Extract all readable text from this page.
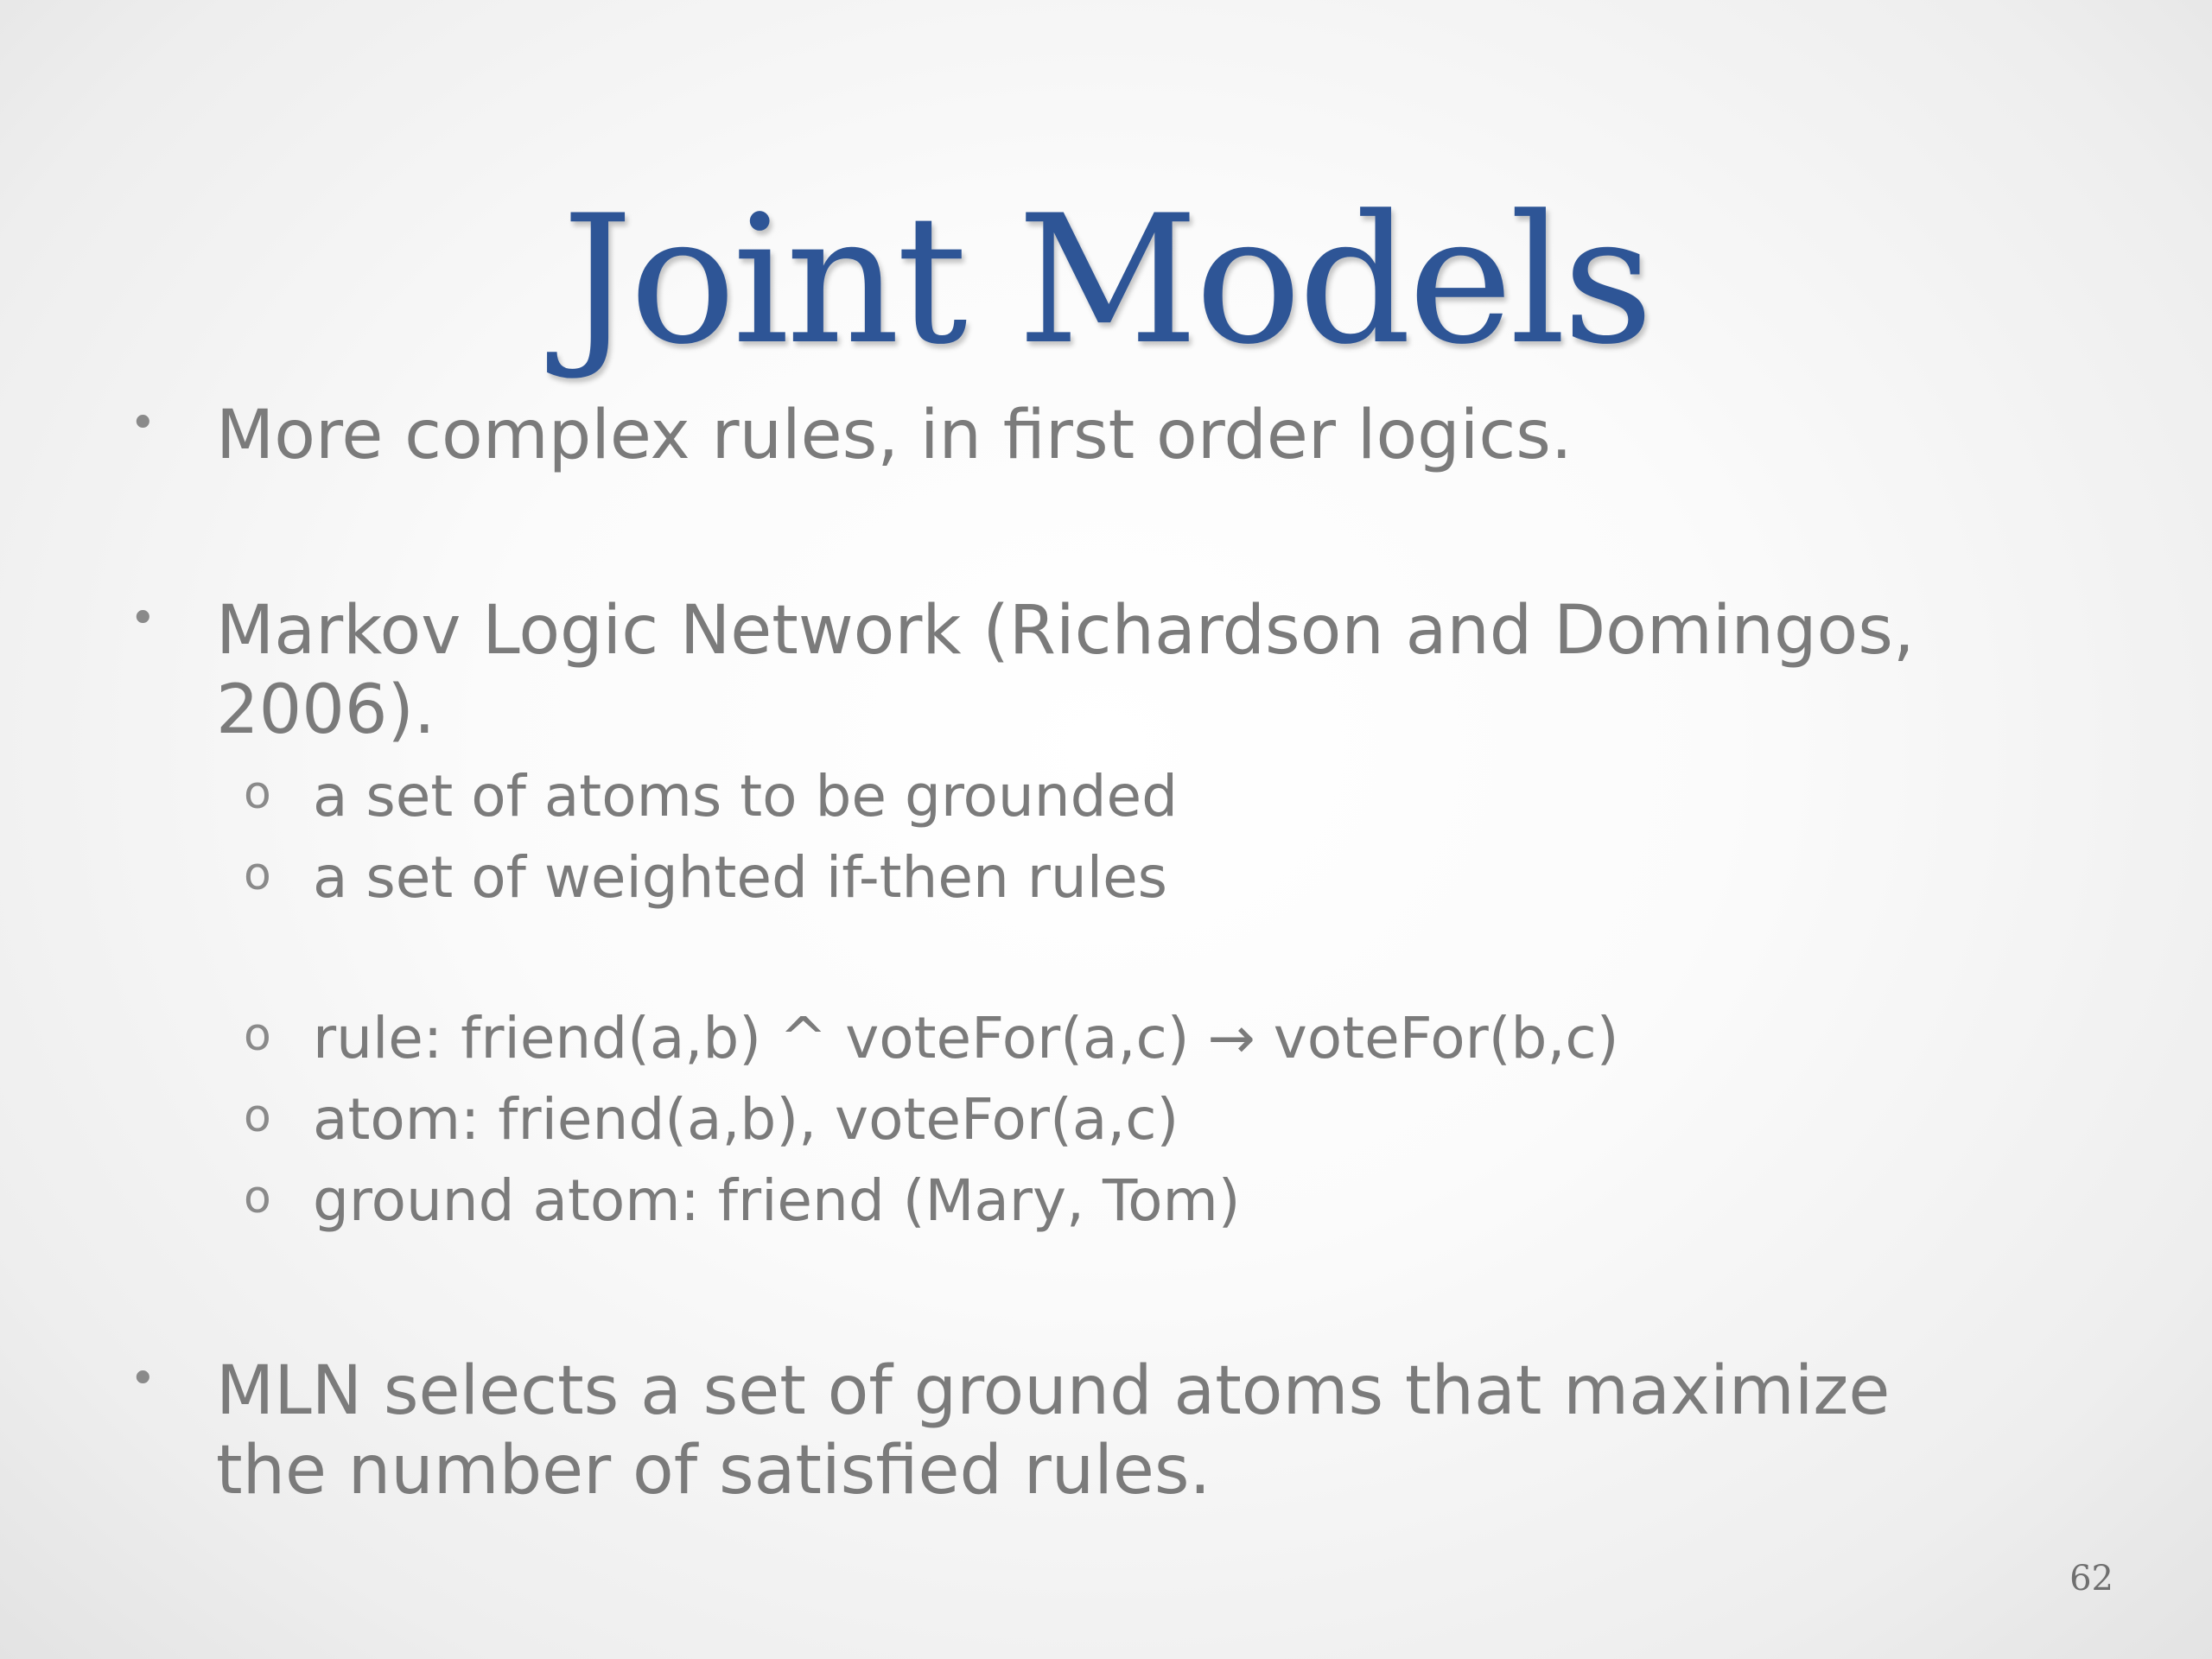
Joint Models
• More complex rules, in first order logics.
• Markov Logic Network (Richardson and Domingos,
2006).
o a set of atoms to be grounded
o a set of weighted if-then rules
o rule: friend(a,b) ^ voteFor(a,c) → voteFor(b,c)
o atom: friend(a,b), voteFor(a,c)
o ground atom: friend (Mary, Tom)
• MLN selects a set of ground atoms that maximize
the number of satisfied rules.
62
